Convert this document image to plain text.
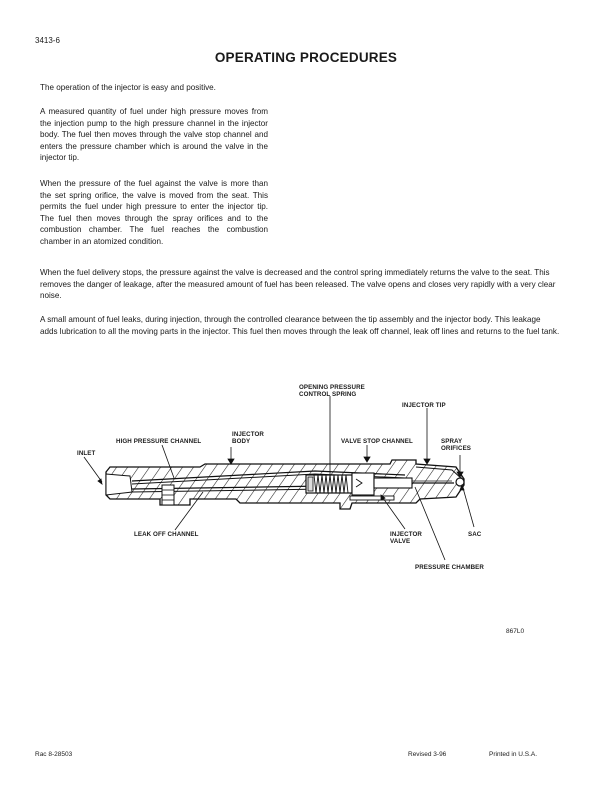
3413-6
OPERATING PROCEDURES

The operation of the injector is easy and positive.

A measured quantity of fuel under high pressure moves from the injection pump to the high pressure channel in the injector body. The fuel then moves through the valve stop channel and enters the pressure chamber which is around the valve in the injector tip.

When the pressure of the fuel against the valve is more than the set spring orifice, the valve is moved from the seat. This permits the fuel under high pressure to enter the injector tip. The fuel then moves through the spray orifices and to the combustion chamber. The fuel reaches the combustion chamber in an atomized condition.

When the fuel delivery stops, the pressure against the valve is decreased and the control spring immediately returns the valve to the seat. This removes the danger of leakage, after the measured amount of fuel has been released. The valve opens and closes very rapidly with a very clear noise.

A small amount of fuel leaks, during injection, through the controlled clearance between the tip assembly and the injector body. This leakage adds lubrication to all the moving parts in the injector. This fuel then moves through the leak off channel, leak off lines and returns to the fuel tank.

OPENING PRESSURE
CONTROL SPRING
INJECTOR TIP
INJECTOR
BODY
HIGH PRESSURE CHANNEL	VALVE STOP CHANNEL	SPRAY
ORIFICES
INLET
LEAK OFF CHANNEL	INJECTOR
VALVE
SAC
PRESSURE CHAMBER
867L0
Rac 8-28503	Revised 3-96	Printed in U.S.A.
